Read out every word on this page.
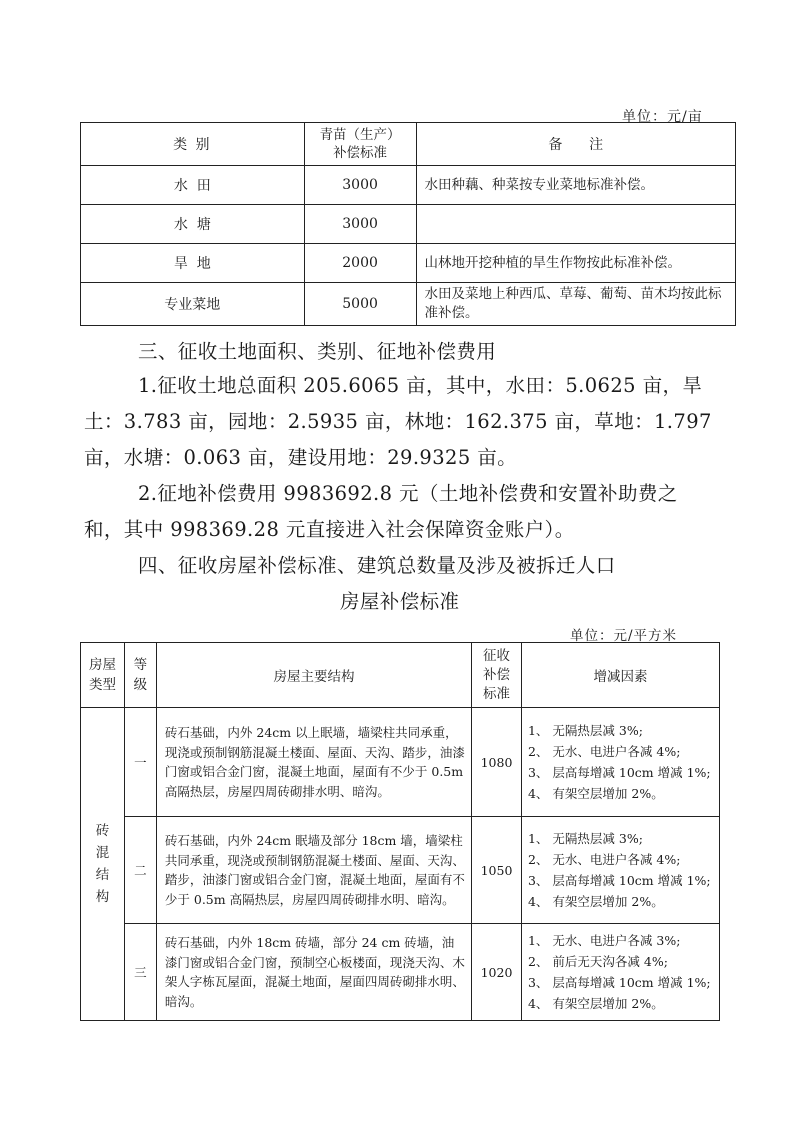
单位：元/亩
类 别	青苗（生产）补偿标准	备      注
水  田	3000	水田种藕、种菜按专业菜地标准补偿。
水  塘	3000	
旱  地	2000	山林地开挖种植的旱生作物按此标准补偿。
专业菜地	5000	水田及菜地上种西瓜、草莓、葡萄、苗木均按此标准补偿。
三、征收土地面积、类别、征地补偿费用
1.征收土地总面积 205.6065 亩，其中，水田：5.0625 亩，旱
土：3.783 亩，园地：2.5935 亩，林地：162.375 亩，草地：1.797
亩，水塘：0.063 亩，建设用地：29.9325 亩。
2.征地补偿费用 9983692.8 元（土地补偿费和安置补助费之
和，其中 998369.28 元直接进入社会保障资金账户）。
四、征收房屋补偿标准、建筑总数量及涉及被拆迁人口
房屋补偿标准
单位：元/平方米
房屋类型	等级	房屋主要结构	征收补偿标准	增减因素
砖混结构	一	砖石基础，内外 24cm 以上眠墙，墙梁柱共同承重，现浇或预制钢筋混凝土楼面、屋面、天沟、踏步，油漆门窗或铝合金门窗，混凝土地面，屋面有不少于 0.5m 高隔热层，房屋四周砖砌排水明、暗沟。	1080	1、 无隔热层减 3%;
2、 无水、电进户各减 4%;
3、 层高每增减 10cm 增减 1%;
4、 有架空层增加 2%。

	二	砖石基础，内外 24cm 眠墙及部分 18cm 墙，墙梁柱共同承重，现浇或预制钢筋混凝土楼面、屋面、天沟、踏步，油漆门窗或铝合金门窗，混凝土地面，屋面有不少于 0.5m 高隔热层，房屋四周砖砌排水明、暗沟。	1050	1、 无隔热层减 3%;
2、 无水、电进户各减 4%;
3、 层高每增减 10cm 增减 1%;
4、 有架空层增加 2%。

	三	砖石基础，内外 18cm 砖墙，部分 24 cm 砖墙，油漆门窗或铝合金门窗，预制空心板楼面，现浇天沟、木架人字栋瓦屋面，混凝土地面，屋面四周砖砌排水明、暗沟。	1020	1、 无水、电进户各减 3%;
2、 前后无天沟各减 4%;
3、 层高每增减 10cm 增减 1%;
4、 有架空层增加 2%。
